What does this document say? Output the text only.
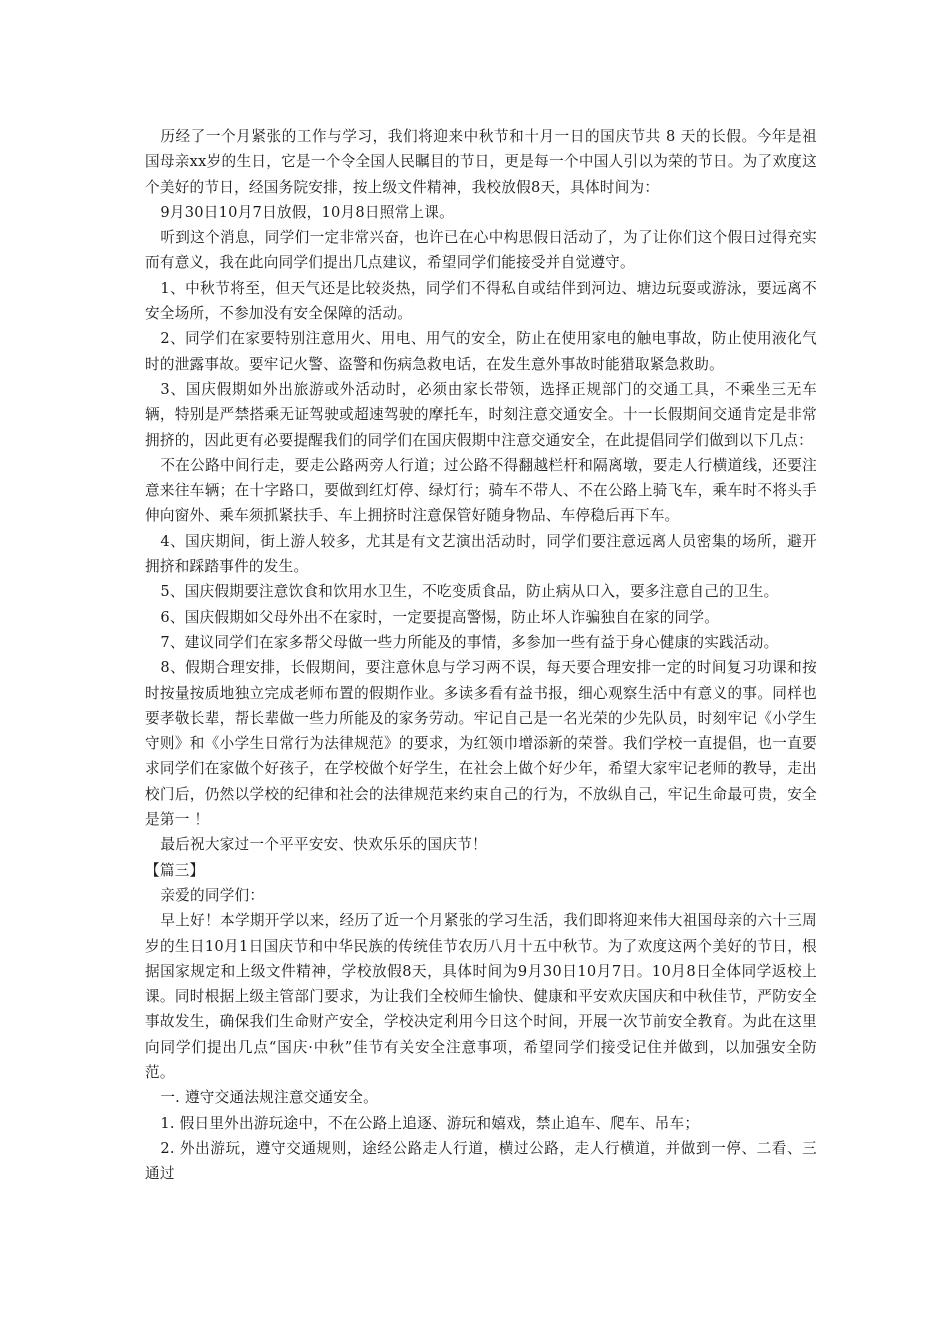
历经了一个月紧张的工作与学习，我们将迎来中秋节和十月一日的国庆节共 8 天的长假。今年是祖国母亲xx岁的生日，它是一个令全国人民瞩目的节日，更是每一个中国人引以为荣的节日。为了欢度这个美好的节日，经国务院安排，按上级文件精神，我校放假8天，具体时间为：

9月30日10月7日放假，10月8日照常上课。

听到这个消息，同学们一定非常兴奋，也许已在心中构思假日活动了，为了让你们这个假日过得充实而有意义，我在此向同学们提出几点建议，希望同学们能接受并自觉遵守。

1、中秋节将至，但天气还是比较炎热，同学们不得私自或结伴到河边、塘边玩耍或游泳，要远离不安全场所，不参加没有安全保障的活动。

2、同学们在家要特别注意用火、用电、用气的安全，防止在使用家电的触电事故，防止使用液化气时的泄露事故。要牢记火警、盗警和伤病急救电话，在发生意外事故时能猎取紧急救助。

3、国庆假期如外出旅游或外活动时，必须由家长带领，选择正规部门的交通工具，不乘坐三无车辆，特别是严禁搭乘无证驾驶或超速驾驶的摩托车，时刻注意交通安全。十一长假期间交通肯定是非常拥挤的，因此更有必要提醒我们的同学们在国庆假期中注意交通安全，在此提倡同学们做到以下几点：

不在公路中间行走，要走公路两旁人行道；过公路不得翻越栏杆和隔离墩，要走人行横道线，还要注意来往车辆；在十字路口，要做到红灯停、绿灯行；骑车不带人、不在公路上骑飞车，乘车时不将头手伸向窗外、乘车须抓紧扶手、车上拥挤时注意保管好随身物品、车停稳后再下车。

4、国庆期间，街上游人较多，尤其是有文艺演出活动时，同学们要注意远离人员密集的场所，避开拥挤和踩踏事件的发生。

5、国庆假期要注意饮食和饮用水卫生，不吃变质食品，防止病从口入，要多注意自己的卫生。

6、国庆假期如父母外出不在家时，一定要提高警惕，防止坏人诈骗独自在家的同学。

7、建议同学们在家多帮父母做一些力所能及的事情，多参加一些有益于身心健康的实践活动。

8、假期合理安排，长假期间，要注意休息与学习两不误，每天要合理安排一定的时间复习功课和按时按量按质地独立完成老师布置的假期作业。多读多看有益书报，细心观察生活中有意义的事。同样也要孝敬长辈，帮长辈做一些力所能及的家务劳动。牢记自己是一名光荣的少先队员，时刻牢记《小学生守则》和《小学生日常行为法律规范》的要求，为红领巾增添新的荣誉。我们学校一直提倡，也一直要求同学们在家做个好孩子，在学校做个好学生，在社会上做个好少年，希望大家牢记老师的教导，走出校门后，仍然以学校的纪律和社会的法律规范来约束自己的行为，不放纵自己，牢记生命最可贵，安全是第一 ！

最后祝大家过一个平平安安、快欢乐乐的国庆节！

【篇三】

亲爱的同学们：

早上好！本学期开学以来，经历了近一个月紧张的学习生活，我们即将迎来伟大祖国母亲的六十三周岁的生日10月1日国庆节和中华民族的传统佳节农历八月十五中秋节。为了欢度这两个美好的节日，根据国家规定和上级文件精神，学校放假8天，具体时间为9月30日10月7日。10月8日全体同学返校上课。同时根据上级主管部门要求，为让我们全校师生愉快、健康和平安欢庆国庆和中秋佳节，严防安全事故发生，确保我们生命财产安全，学校决定利用今日这个时间，开展一次节前安全教育。为此在这里向同学们提出几点“国庆·中秋”佳节有关安全注意事项，希望同学们接受记住并做到，以加强安全防范。

一. 遵守交通法规注意交通安全。

1. 假日里外出游玩途中，不在公路上追逐、游玩和嬉戏，禁止追车、爬车、吊车；

2. 外出游玩，遵守交通规则，途经公路走人行道，横过公路，走人行横道，并做到一停、二看、三通过
